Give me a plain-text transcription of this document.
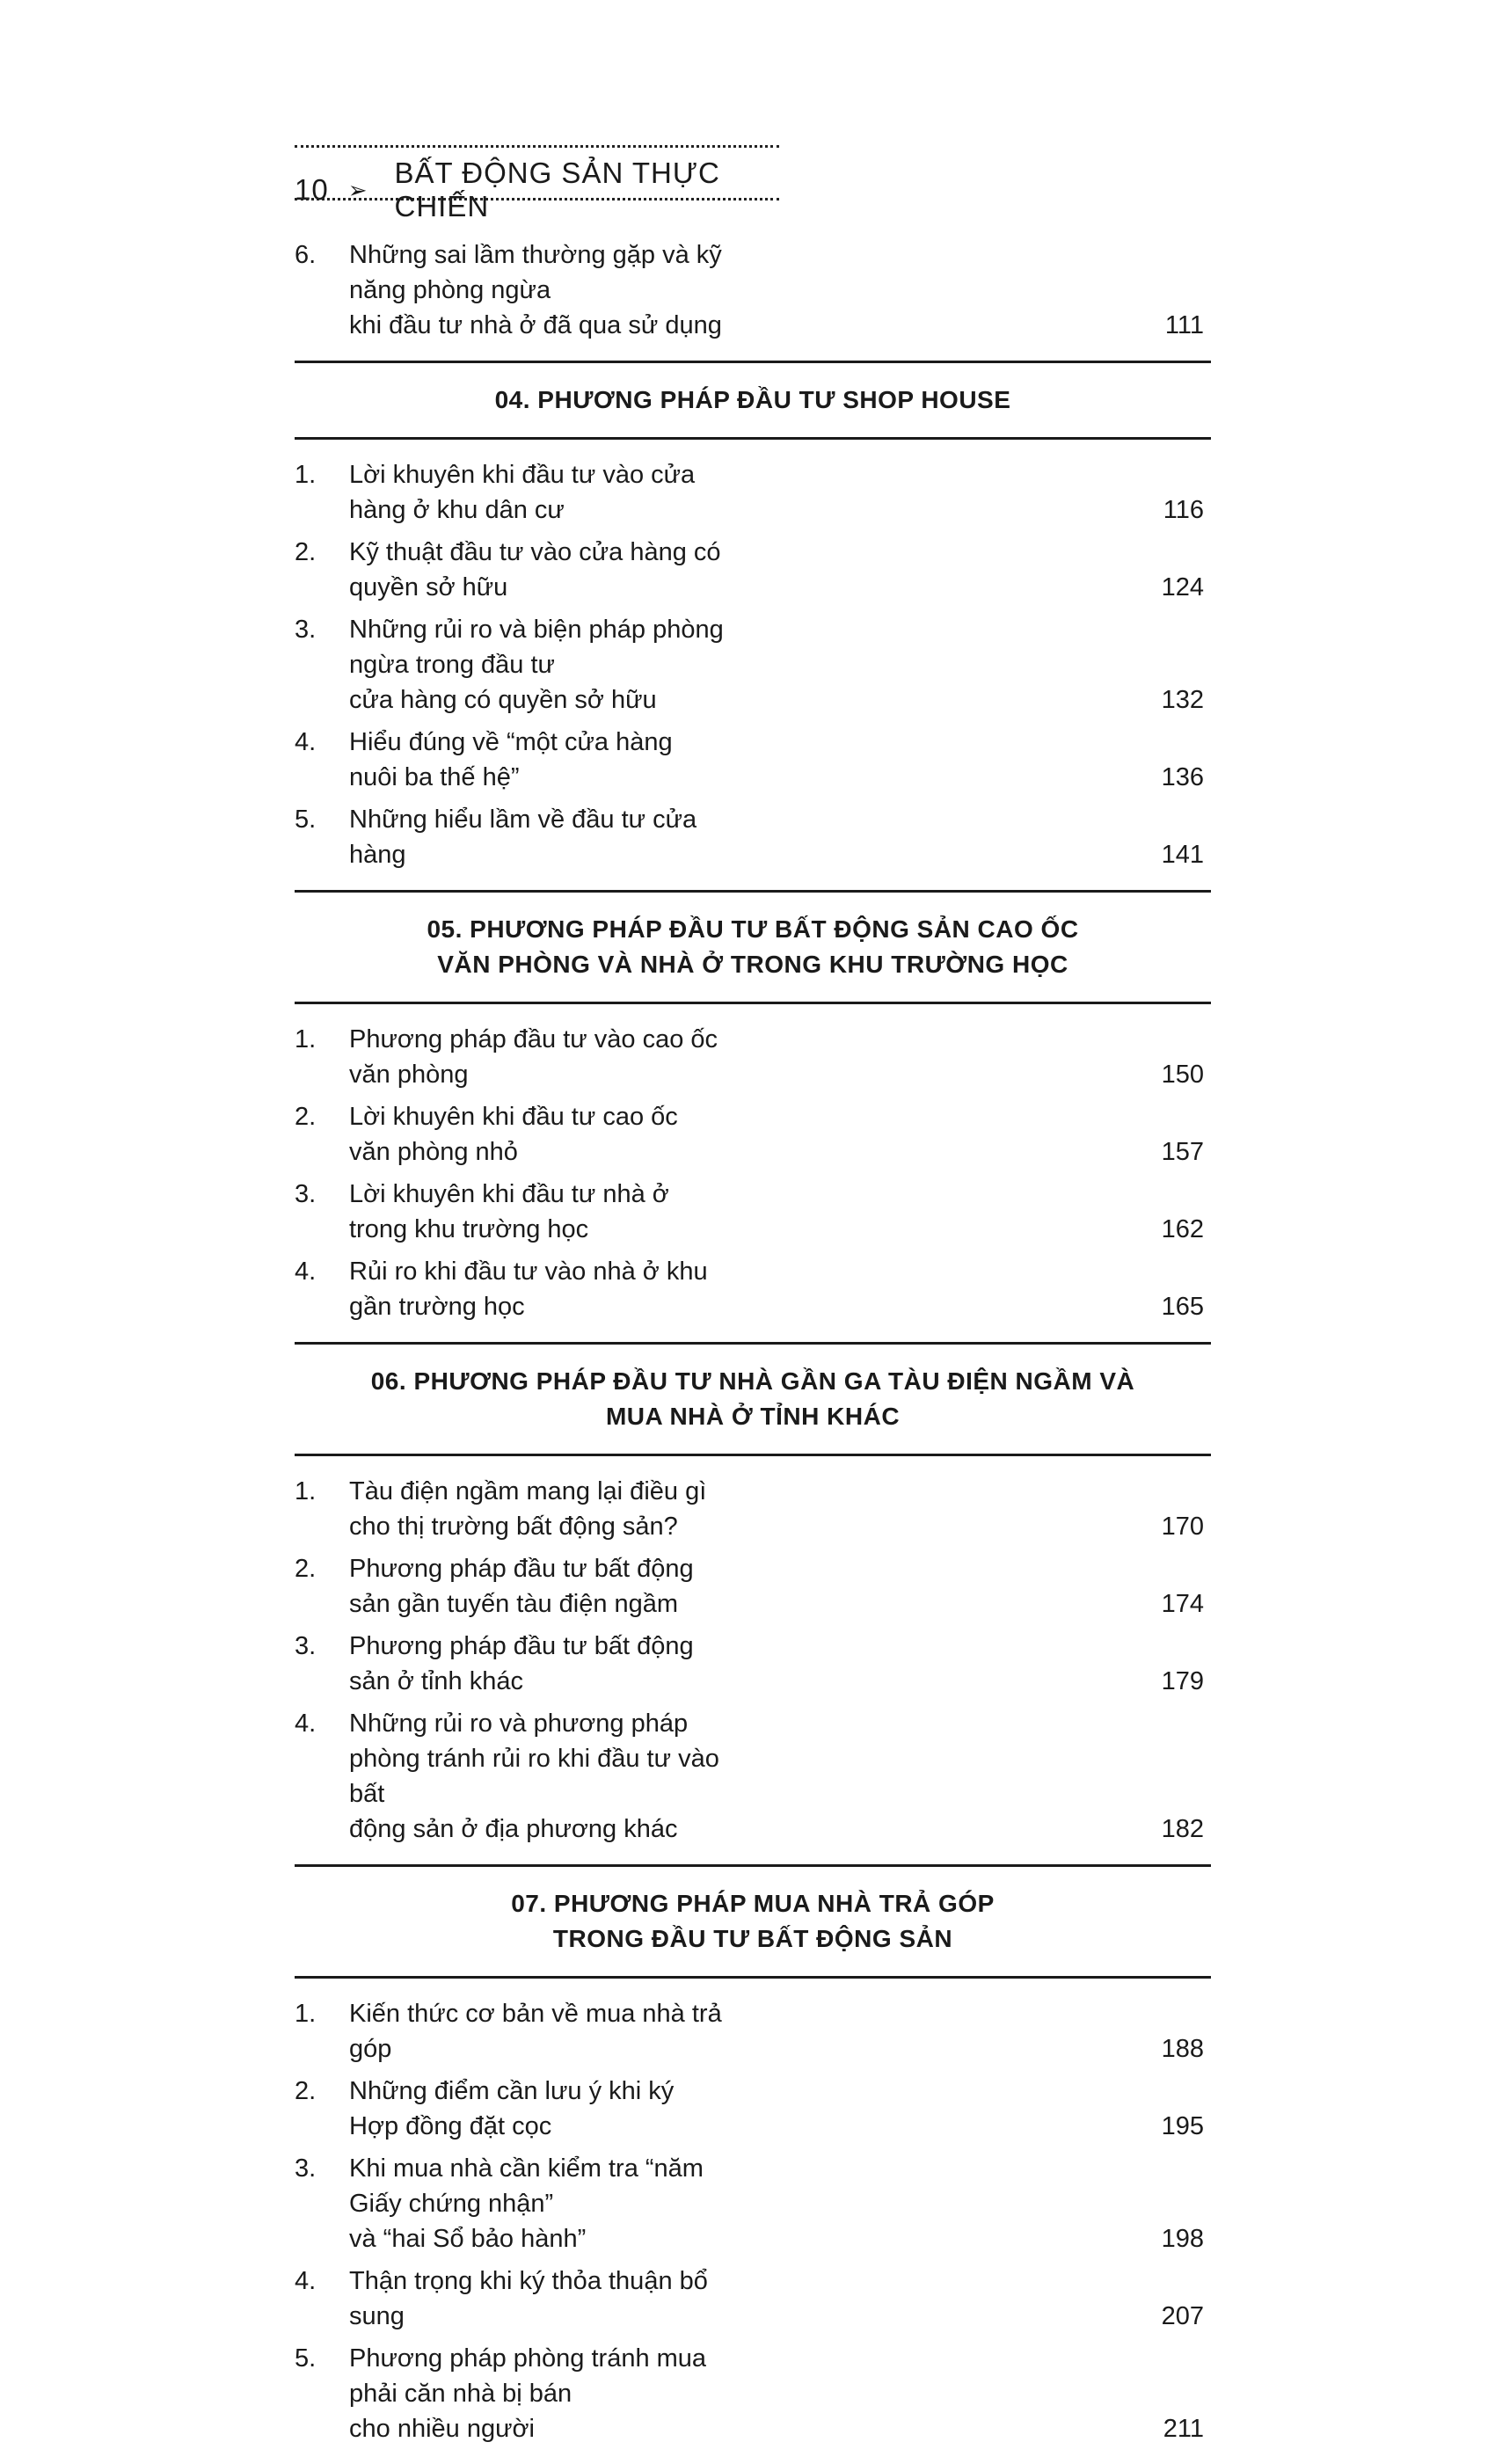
10 ➢
BẤT ĐỘNG SẢN THỰC CHIẾN
6.	Những sai lầm thường gặp và kỹ năng phòng ngừa
khi đầu tư nhà ở đã qua sử dụng	111
04. PHƯƠNG PHÁP ĐẦU TƯ SHOP HOUSE
1.	Lời khuyên khi đầu tư vào cửa hàng ở khu dân cư	116
2.	Kỹ thuật đầu tư vào cửa hàng có quyền sở hữu	124
3.	Những rủi ro và biện pháp phòng ngừa trong đầu tư
cửa hàng có quyền sở hữu	132
4.	Hiểu đúng về “một cửa hàng nuôi ba thế hệ”	136
5.	Những hiểu lầm về đầu tư cửa hàng	141
05. PHƯƠNG PHÁP ĐẦU TƯ BẤT ĐỘNG SẢN CAO ỐC
VĂN PHÒNG VÀ NHÀ Ở TRONG KHU TRƯỜNG HỌC
1.	Phương pháp đầu tư vào cao ốc văn phòng	150
2.	Lời khuyên khi đầu tư cao ốc văn phòng nhỏ	157
3.	Lời khuyên khi đầu tư nhà ở trong khu trường học	162
4.	Rủi ro khi đầu tư vào nhà ở khu gần trường học	165
06. PHƯƠNG PHÁP ĐẦU TƯ NHÀ GẦN GA TÀU ĐIỆN NGẦM VÀ
MUA NHÀ Ở TỈNH KHÁC
1.	Tàu điện ngầm mang lại điều gì cho thị trường bất động sản?	170
2.	Phương pháp đầu tư bất động sản gần tuyến tàu điện ngầm	174
3.	Phương pháp đầu tư bất động sản ở tỉnh khác	179
4.	Những rủi ro và phương pháp phòng tránh rủi ro khi đầu tư vào bất
động sản ở địa phương khác	182
07. PHƯƠNG PHÁP MUA NHÀ TRẢ GÓP
TRONG ĐẦU TƯ BẤT ĐỘNG SẢN
1.	Kiến thức cơ bản về mua nhà trả góp	188
2.	Những điểm cần lưu ý khi ký Hợp đồng đặt cọc	195
3.	Khi mua nhà cần kiểm tra “năm Giấy chứng nhận”
và “hai Sổ bảo hành”	198
4.	Thận trọng khi ký thỏa thuận bổ sung	207
5.	Phương pháp phòng tránh mua phải căn nhà bị bán
cho nhiều người	211
